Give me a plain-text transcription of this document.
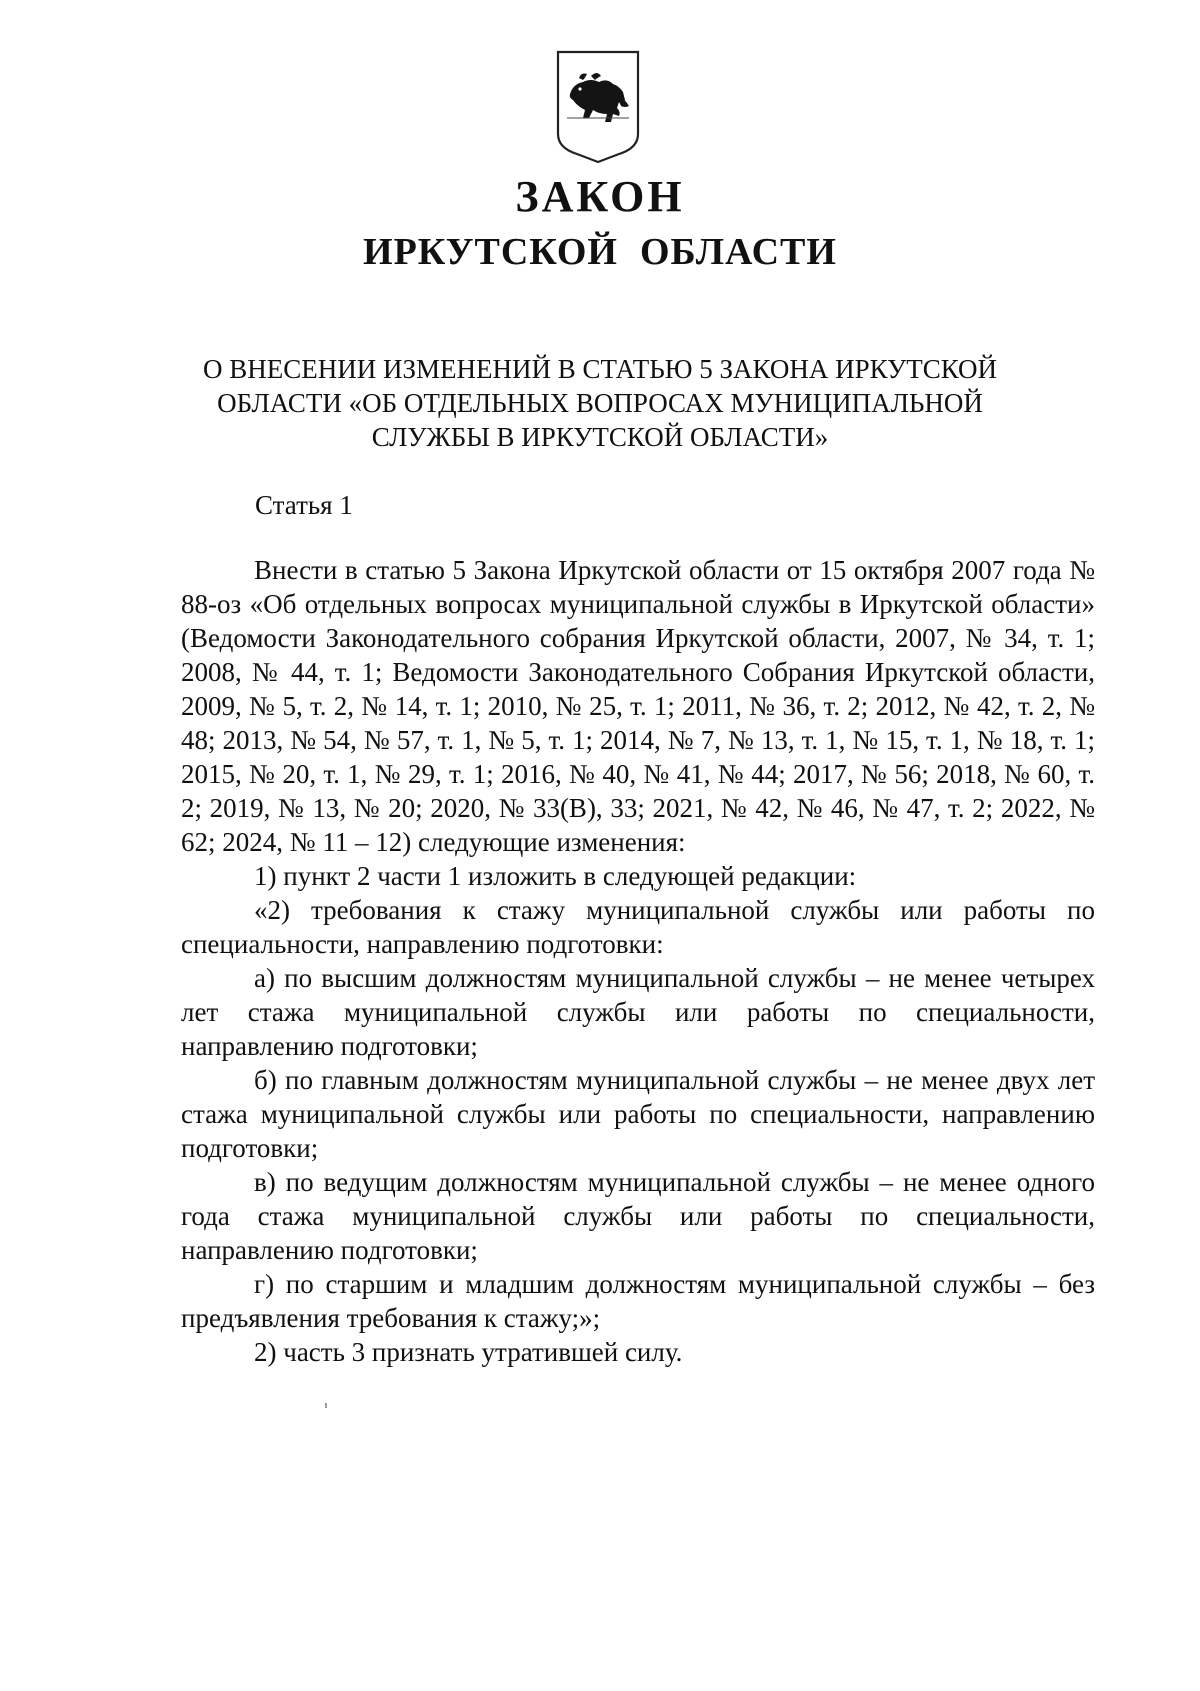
ЗАКОН
ИРКУТСКОЙ ОБЛАСТИ
О ВНЕСЕНИИ ИЗМЕНЕНИЙ В СТАТЬЮ 5 ЗАКОНА ИРКУТСКОЙ
ОБЛАСТИ «ОБ ОТДЕЛЬНЫХ ВОПРОСАХ МУНИЦИПАЛЬНОЙ
СЛУЖБЫ В ИРКУТСКОЙ ОБЛАСТИ»
Статья 1

Внести в статью 5 Закона Иркутской области от 15 октября 2007 года № 88-оз «Об отдельных вопросах муниципальной службы в Иркутской области» (Ведомости Законодательного собрания Иркутской области, 2007, № 34, т. 1; 2008, № 44, т. 1; Ведомости Законодательного Собрания Иркутской области, 2009, № 5, т. 2, № 14, т. 1; 2010, № 25, т. 1; 2011, № 36, т. 2; 2012, № 42, т. 2, № 48; 2013, № 54, № 57, т. 1, № 5, т. 1; 2014, № 7, № 13, т. 1, № 15, т. 1, № 18, т. 1; 2015, № 20, т. 1, № 29, т. 1; 2016, № 40, № 41, № 44; 2017, № 56; 2018, № 60, т. 2; 2019, № 13, № 20; 2020, № 33(В), 33; 2021, № 42, № 46, № 47, т. 2; 2022, № 62; 2024, № 11 – 12) следующие изменения:

1) пункт 2 части 1 изложить в следующей редакции:

«2) требования к стажу муниципальной службы или работы по специальности, направлению подготовки:

а) по высшим должностям муниципальной службы – не менее четырех лет стажа муниципальной службы или работы по специальности, направлению подготовки;

б) по главным должностям муниципальной службы – не менее двух лет стажа муниципальной службы или работы по специальности, направлению подготовки;

в) по ведущим должностям муниципальной службы – не менее одного года стажа муниципальной службы или работы по специальности, направлению подготовки;

г) по старшим и младшим должностям муниципальной службы – без предъявления требования к стажу;»;

2) часть 3 признать утратившей силу.
